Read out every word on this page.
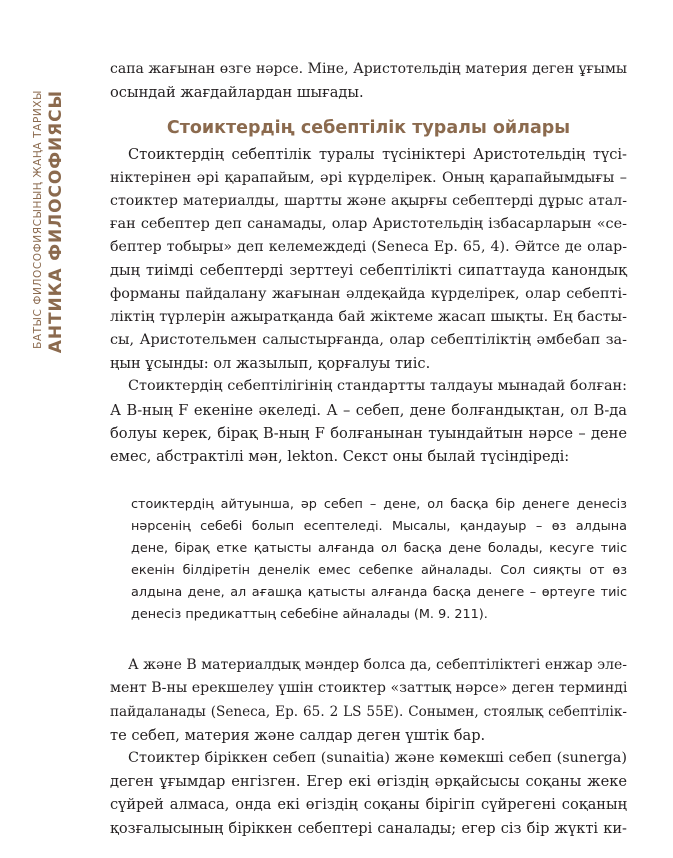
БАТЫС ФИЛОСОФИЯСЫНЫҢ ЖАҢА ТАРИХЫ АНТИКА ФИЛОСОФИЯСЫ

сапа жағынан өзге нәрсе. Міне, Аристотельдің материя деген ұғымы
осындай жағдайлардан шығады.

Стоиктердің себептілік туралы ойлары

Стоиктердің себептілік туралы түсініктері Аристотельдің түсі-
ніктерінен әрі қарапайым, әрі күрделірек. Оның қарапайымдығы –
стоиктер материалды, шартты және ақырғы себептерді дұрыс атал-
ған себептер деп санамады, олар Аристотельдің ізбасарларын «се-
бептер тобыры» деп келемеждеді (Seneca Ep. 65, 4). Әйтсе де олар-
дың тиімді себептерді зерттеуі себептілікті сипаттауда канондық
форманы пайдалану жағынан әлдеқайда күрделірек, олар себепті-
ліктің түрлерін ажыратқанда бай жіктеме жасап шықты. Ең басты-
сы, Аристотельмен салыстырғанда, олар себептіліктің әмбебап за-
ңын ұсынды: ол жазылып, қорғалуы тиіс.

Стоиктердің себептілігінің стандартты талдауы мынадай болған:
А В-ның F екеніне әкеледі. А – себеп, дене болғандықтан, ол В-да
болуы керек, бірақ В-ның F болғанынан туындайтын нәрсе – дене
емес, абстрактілі мән, lekton. Секст оны былай түсіндіреді:

стоиктердің айтуынша, әр себеп – дене, ол басқа бір денеге денесіз
нәрсенің себебі болып есептеледі. Мысалы, қандауыр – өз алдына
дене, бірақ етке қатысты алғанда ол басқа дене болады, кесуге тиіс
екенін білдіретін денелік емес себепке айналады. Сол сияқты от өз
алдына дене, ал ағашқа қатысты алғанда басқа денеге – өртеуге тиіс
денесіз предикаттың себебіне айналады (М. 9. 211).

А және В материалдық мәндер болса да, себептіліктегі енжар эле-
мент В-ны ерекшелеу үшін стоиктер «заттық нәрсе» деген терминді
пайдаланады (Seneca, Ep. 65. 2 LS 55E). Сонымен, стоялық себептілік-
те себеп, материя және салдар деген үштік бар.

Стоиктер біріккен себеп (sunaitia) және көмекші себеп (sunerga)
деген ұғымдар енгізген. Егер екі өгіздің әрқайсысы соқаны жеке
сүйрей алмаса, онда екі өгіздің соқаны бірігіп сүйрегені соқаның
қозғалысының біріккен себептері саналады; егер сіз бір жүкті ки-
